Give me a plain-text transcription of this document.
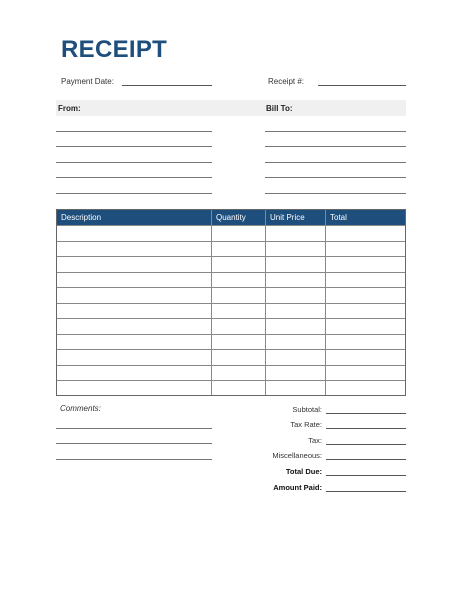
RECEIPT
Payment Date:	Receipt #:
From:	Bill To:
Description	Quantity	Unit Price	Total
Comments:	Subtotal:
Tax Rate:
Tax:
Miscellaneous:
Total Due:
Amount Paid:
